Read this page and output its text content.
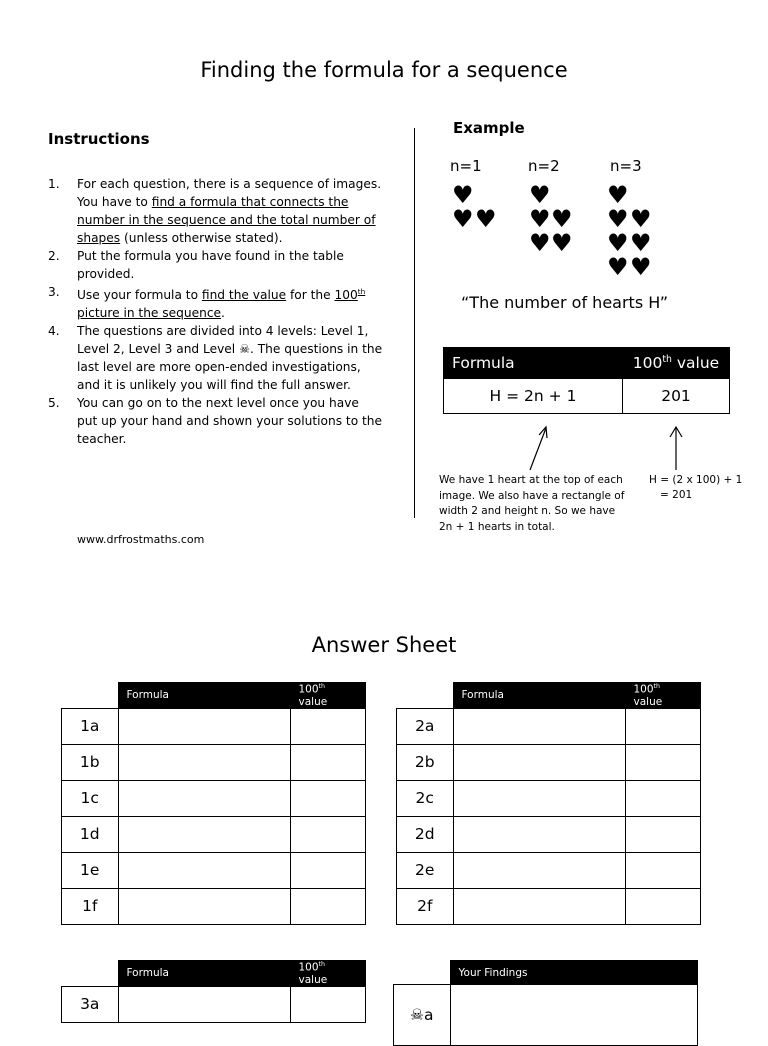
Finding the formula for a sequence
Instructions
1. For each question, there is a sequence of images. You have to find a formula that connects the number in the sequence and the total number of shapes (unless otherwise stated).
2. Put the formula you have found in the table provided.
3. Use your formula to find the value for the 100th picture in the sequence.
4. The questions are divided into 4 levels: Level 1, Level 2, Level 3 and Level ☠. The questions in the last level are more open-ended investigations, and it is unlikely you will find the full answer.
5. You can go on to the next level once you have put up your hand and shown your solutions to the teacher.
www.drfrostmaths.com
Example
n=1	n=2	n=3
♥
♥ ♥
♥
♥ ♥
♥ ♥
♥
♥ ♥
♥ ♥
♥ ♥
“The number of hearts H”
Formula	100th value
H = 2n + 1	201
We have 1 heart at the top of each image. We also have a rectangle of width 2 and height n. So we have 2n + 1 hearts in total.
H = (2 x 100) + 1
= 201
Answer Sheet
	Formula	100th value
1a		
1b		
1c		
1d		
1e		
1f		
	Formula	100th value
2a		
2b		
2c		
2d		
2e		
2f		
	Formula	100th value
3a		
	Your Findings
☠a	
